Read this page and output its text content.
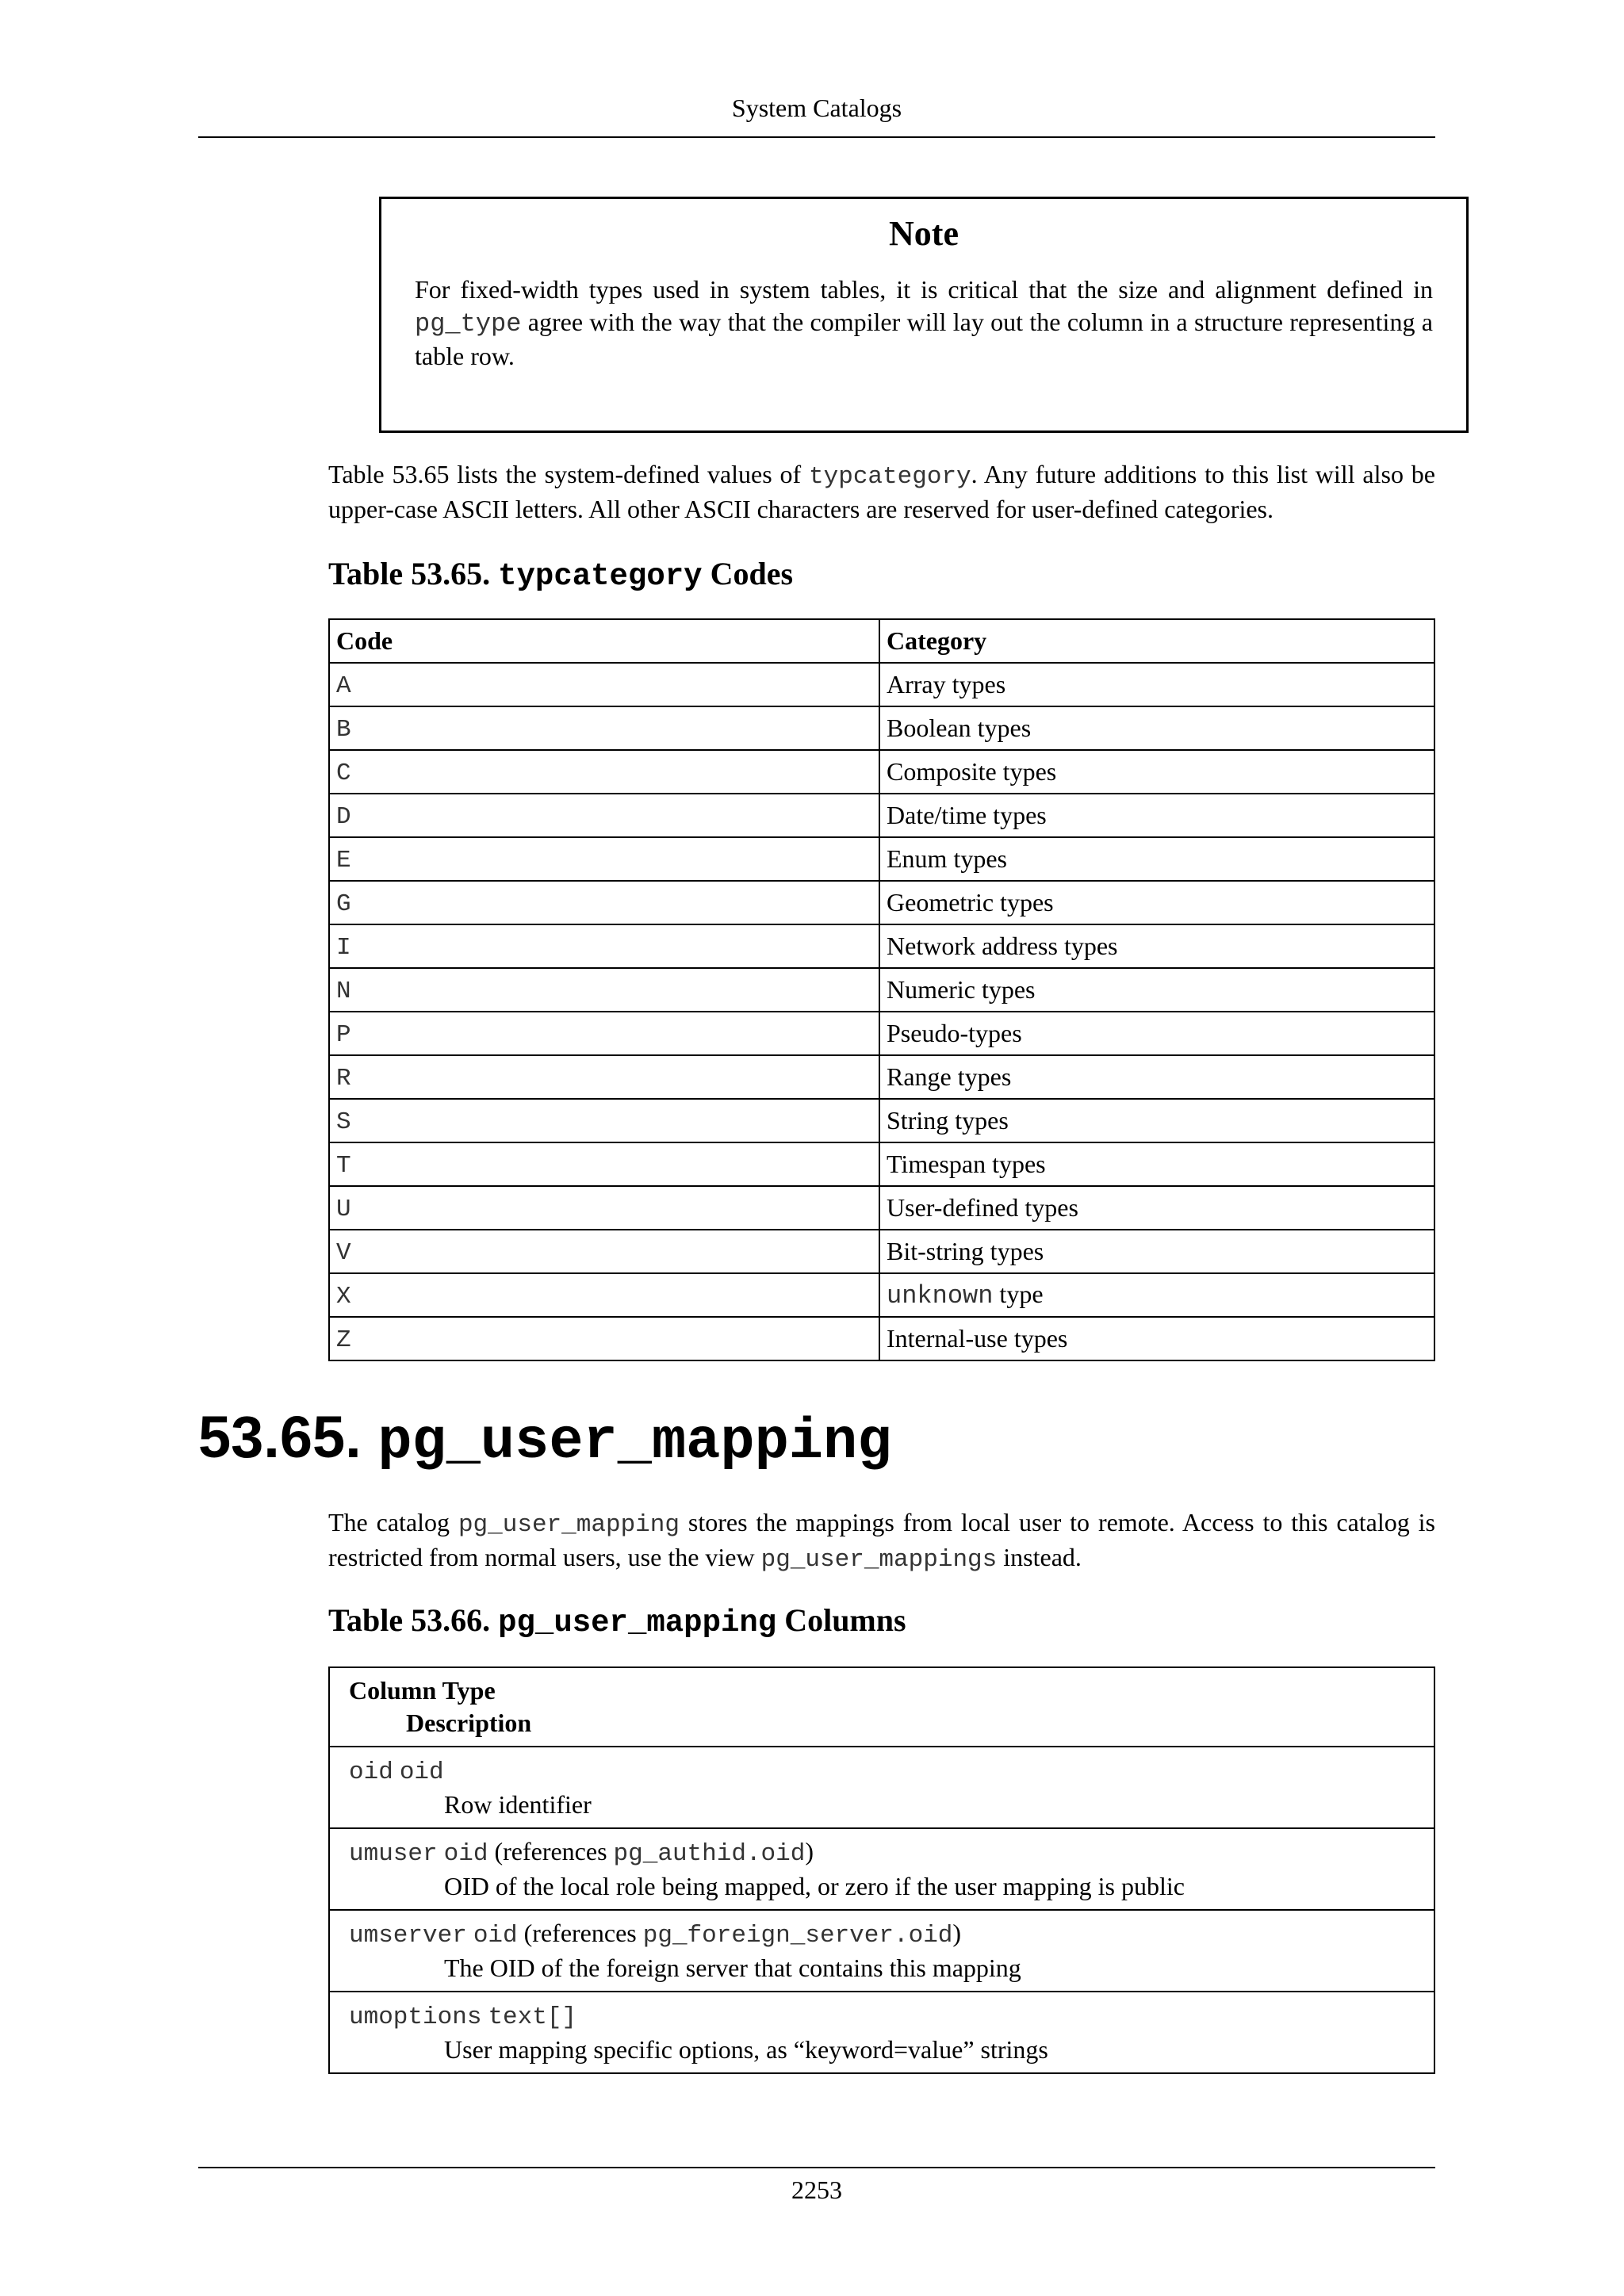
System Catalogs
Note
For fixed-width types used in system tables, it is critical that the size and alignment defined in pg_type agree with the way that the compiler will lay out the column in a structure representing a table row.
Table 53.65 lists the system-defined values of typcategory. Any future additions to this list will also be upper-case ASCII letters. All other ASCII characters are reserved for user-defined categories.
Table 53.65. typcategory Codes
Code	Category
A	Array types
B	Boolean types
C	Composite types
D	Date/time types
E	Enum types
G	Geometric types
I	Network address types
N	Numeric types
P	Pseudo-types
R	Range types
S	String types
T	Timespan types
U	User-defined types
V	Bit-string types
X	unknown type
Z	Internal-use types
53.65. pg_user_mapping
The catalog pg_user_mapping stores the mappings from local user to remote. Access to this catalog is restricted from normal users, use the view pg_user_mappings instead.
Table 53.66. pg_user_mapping Columns
Column Type
Description

oid oid
Row identifier

umuser oid (references pg_authid.oid)
OID of the local role being mapped, or zero if the user mapping is public

umserver oid (references pg_foreign_server.oid)
The OID of the foreign server that contains this mapping

umoptions text[]
User mapping specific options, as “keyword=value” strings
2253
